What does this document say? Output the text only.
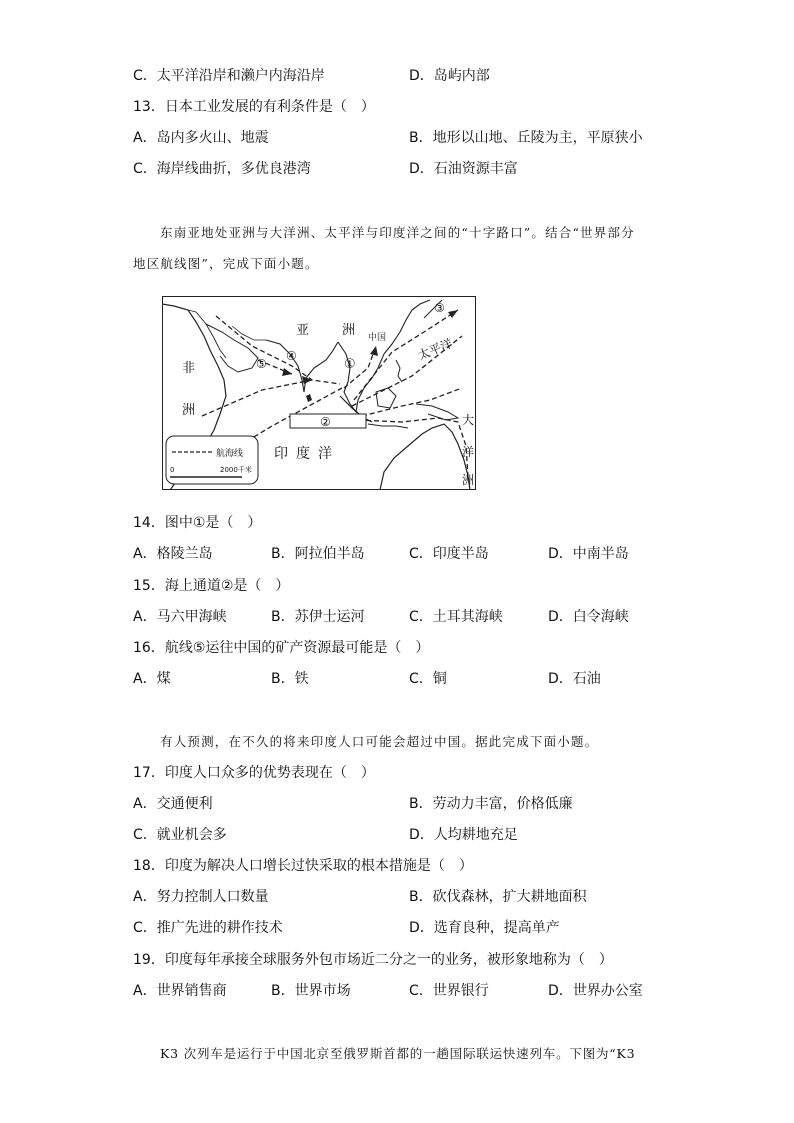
C．太平洋沿岸和濑户内海沿岸	D．岛屿内部
13．日本工业发展的有利条件是（　）
A．岛内多火山、地震	B．地形以山地、丘陵为主，平原狭小
C．海岸线曲折，多优良港湾	D．石油资源丰富
东南亚地处亚洲与大洋洲、太平洋与印度洋之间的“十字路口”。结合“世界部分
地区航线图”，完成下面小题。
亚	洲
非
洲
中国 太平洋
印度洋
大
洋
洲
①
②
③
④
⑤
航海线
0	2000千米
14．图中①是（　）
A．格陵兰岛	B．阿拉伯半岛	C．印度半岛	D．中南半岛
15．海上通道②是（　）
A．马六甲海峡	B．苏伊士运河	C．土耳其海峡	D．白令海峡
16．航线⑤运往中国的矿产资源最可能是（　）
A．煤	B．铁	C．铜	D．石油
有人预测，在不久的将来印度人口可能会超过中国。据此完成下面小题。
17．印度人口众多的优势表现在（　）
A．交通便利	B．劳动力丰富，价格低廉
C．就业机会多	D．人均耕地充足
18．印度为解决人口增长过快采取的根本措施是（　）
A．努力控制人口数量	B．砍伐森林，扩大耕地面积
C．推广先进的耕作技术	D．选育良种，提高单产
19．印度每年承接全球服务外包市场近二分之一的业务，被形象地称为（　）
A．世界销售商	B．世界市场	C．世界银行	D．世界办公室
K3 次列车是运行于中国北京至俄罗斯首都的一趟国际联运快速列车。下图为“K3
